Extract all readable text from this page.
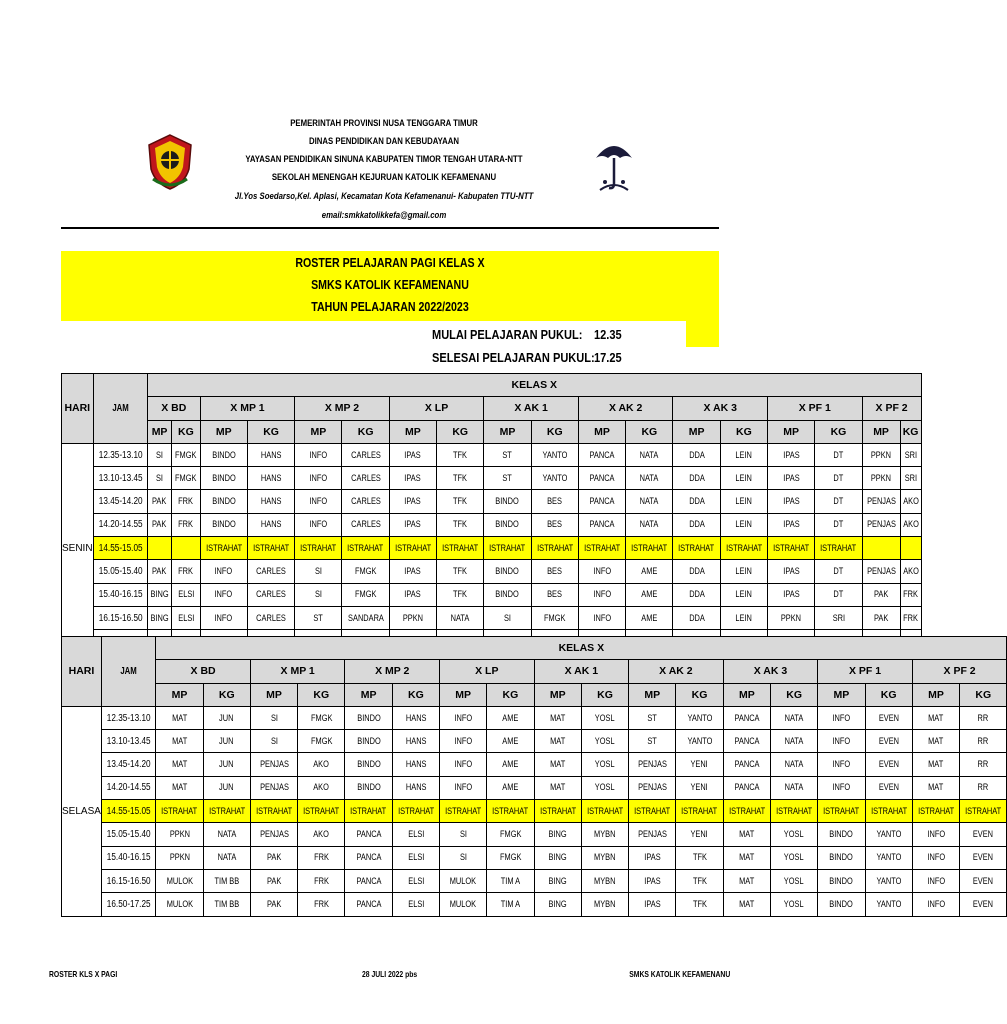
PEMERINTAH PROVINSI NUSA TENGGARA TIMUR
DINAS PENDIDIKAN DAN KEBUDAYAAN
YAYASAN PENDIDIKAN SINUNA KABUPATEN TIMOR TENGAH UTARA-NTT
SEKOLAH MENENGAH KEJURUAN KATOLIK KEFAMENANU
Jl.Yos Soedarso,Kel. Aplasi, Kecamatan Kota Kefamenanui- Kabupaten TTU-NTT
email:smkkatolikkefa@gmail.com
ROSTER PELAJARAN PAGI KELAS X
SMKS KATOLIK KEFAMENANU
TAHUN PELAJARAN 2022/2023
MULAI PELAJARAN PUKUL: 12.35
SELESAI PELAJARAN PUKUL: 17.25
HARI	JAM	KELAS X																	
		X BD		X MP 1		X MP 2		X LP		X AK 1		X AK 2		X AK 3		X PF 1		X PF 2	
		MP	KG	MP	KG	MP	KG	MP	KG	MP	KG	MP	KG	MP	KG	MP	KG	MP	KG
SENIN	12.35-13.10	SI	FMGK	BINDO	HANS	INFO	CARLES	IPAS	TFK	ST	YANTO	PANCA	NATA	DDA	LEIN	IPAS	DT	PPKN	SRI
	13.10-13.45	SI	FMGK	BINDO	HANS	INFO	CARLES	IPAS	TFK	ST	YANTO	PANCA	NATA	DDA	LEIN	IPAS	DT	PPKN	SRI
	13.45-14.20	PAK	FRK	BINDO	HANS	INFO	CARLES	IPAS	TFK	BINDO	BES	PANCA	NATA	DDA	LEIN	IPAS	DT	PENJAS	AKO
	14.20-14.55	PAK	FRK	BINDO	HANS	INFO	CARLES	IPAS	TFK	BINDO	BES	PANCA	NATA	DDA	LEIN	IPAS	DT	PENJAS	AKO
	14.55-15.05			ISTRAHAT	ISTRAHAT	ISTRAHAT	ISTRAHAT	ISTRAHAT	ISTRAHAT	ISTRAHAT	ISTRAHAT	ISTRAHAT	ISTRAHAT	ISTRAHAT	ISTRAHAT	ISTRAHAT	ISTRAHAT		
	15.05-15.40	PAK	FRK	INFO	CARLES	SI	FMGK	IPAS	TFK	BINDO	BES	INFO	AME	DDA	LEIN	IPAS	DT	PENJAS	AKO
	15.40-16.15	BING	ELSI	INFO	CARLES	SI	FMGK	IPAS	TFK	BINDO	BES	INFO	AME	DDA	LEIN	IPAS	DT	PAK	FRK
	16.15-16.50	BING	ELSI	INFO	CARLES	ST	SANDARA	PPKN	NATA	SI	FMGK	INFO	AME	DDA	LEIN	PPKN	SRI	PAK	FRK

HARI	JAM	KELAS X																	
		X BD		X MP 1		X MP 2		X LP		X AK 1		X AK 2		X AK 3		X PF 1		X PF 2	
		MP	KG	MP	KG	MP	KG	MP	KG	MP	KG	MP	KG	MP	KG	MP	KG	MP	KG
SELASA	12.35-13.10	MAT	JUN	SI	FMGK	BINDO	HANS	INFO	AME	MAT	YOSL	ST	YANTO	PANCA	NATA	INFO	EVEN	MAT	RR
	13.10-13.45	MAT	JUN	SI	FMGK	BINDO	HANS	INFO	AME	MAT	YOSL	ST	YANTO	PANCA	NATA	INFO	EVEN	MAT	RR
	13.45-14.20	MAT	JUN	PENJAS	AKO	BINDO	HANS	INFO	AME	MAT	YOSL	PENJAS	YENI	PANCA	NATA	INFO	EVEN	MAT	RR
	14.20-14.55	MAT	JUN	PENJAS	AKO	BINDO	HANS	INFO	AME	MAT	YOSL	PENJAS	YENI	PANCA	NATA	INFO	EVEN	MAT	RR
	14.55-15.05	ISTRAHAT	ISTRAHAT	ISTRAHAT	ISTRAHAT	ISTRAHAT	ISTRAHAT	ISTRAHAT	ISTRAHAT	ISTRAHAT	ISTRAHAT	ISTRAHAT	ISTRAHAT	ISTRAHAT	ISTRAHAT	ISTRAHAT	ISTRAHAT	ISTRAHAT	ISTRAHAT
	15.05-15.40	PPKN	NATA	PENJAS	AKO	PANCA	ELSI	SI	FMGK	BING	MYBN	PENJAS	YENI	MAT	YOSL	BINDO	YANTO	INFO	EVEN
	15.40-16.15	PPKN	NATA	PAK	FRK	PANCA	ELSI	SI	FMGK	BING	MYBN	IPAS	TFK	MAT	YOSL	BINDO	YANTO	INFO	EVEN
	16.15-16.50	MULOK	TIM BB	PAK	FRK	PANCA	ELSI	MULOK	TIM A	BING	MYBN	IPAS	TFK	MAT	YOSL	BINDO	YANTO	INFO	EVEN
	16.50-17.25	MULOK	TIM BB	PAK	FRK	PANCA	ELSI	MULOK	TIM A	BING	MYBN	IPAS	TFK	MAT	YOSL	BINDO	YANTO	INFO	EVEN
ROSTER KLS X PAGI	28 JULI 2022 pbs	SMKS KATOLIK KEFAMENANU
